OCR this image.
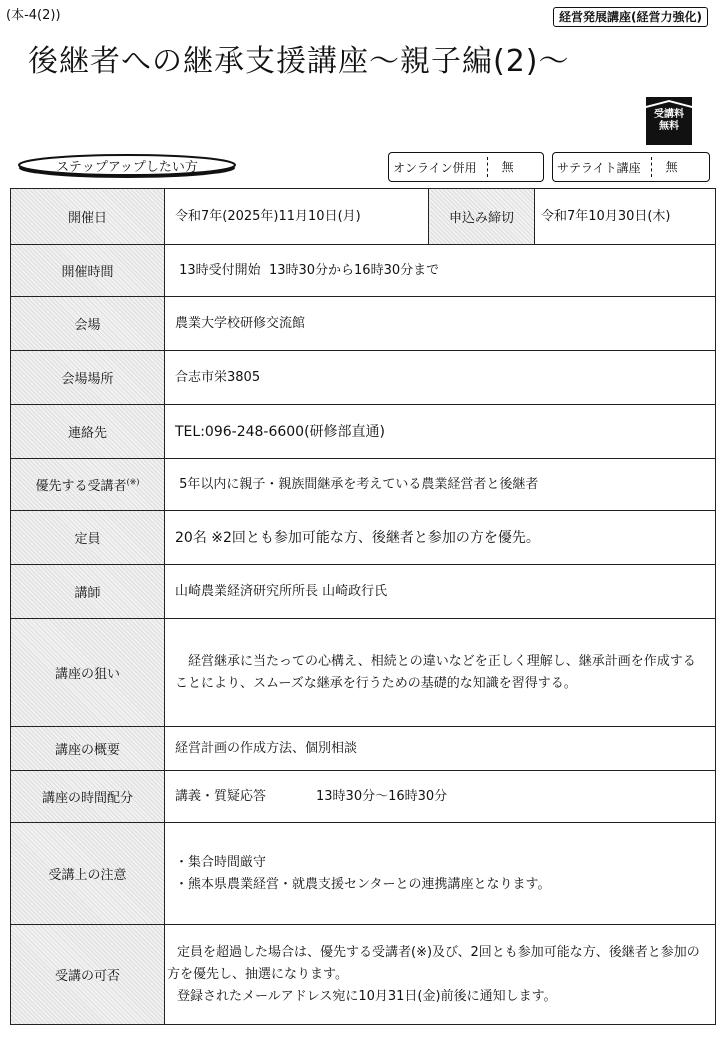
(本-4(2))	経営発展講座(経営力強化)
後継者への継承支援講座〜親子編(2)〜
受講料
無料
ステップアップしたい方	オンライン併用	無	サテライト講座	無
開催日	令和7年(2025年)11月10日(月)	申込み締切	令和7年10月30日(木)
開催時間	13時受付開始  13時30分から16時30分まで		
会場	農業大学校研修交流館		
会場場所	合志市栄3805		
連絡先	TEL:096-248-6600(研修部直通)		
優先する受講者(※)	5年以内に親子・親族間継承を考えている農業経営者と後継者		
定員	20名 ※2回とも参加可能な方、後継者と参加の方を優先。		
講師	山崎農業経済研究所所長 山崎政行氏		
講座の狙い	経営継承に当たっての心構え、相続との違いなどを正しく理解し、継承計画を作成することにより、スムーズな継承を行うための基礎的な知識を習得する。		
講座の概要	経営計画の作成方法、個別相談		
講座の時間配分	講義・質疑応答 13時30分〜16時30分		
受講上の注意	・集合時間厳守
・熊本県農業経営・就農支援センターとの連携講座となります。		

受講の可否	定員を超過した場合は、優先する受講者(※)及び、2回とも参加可能な方、後継者と参加の方を優先し、抽選になります。
登録されたメールアドレス宛に10月31日(金)前後に通知します。		
